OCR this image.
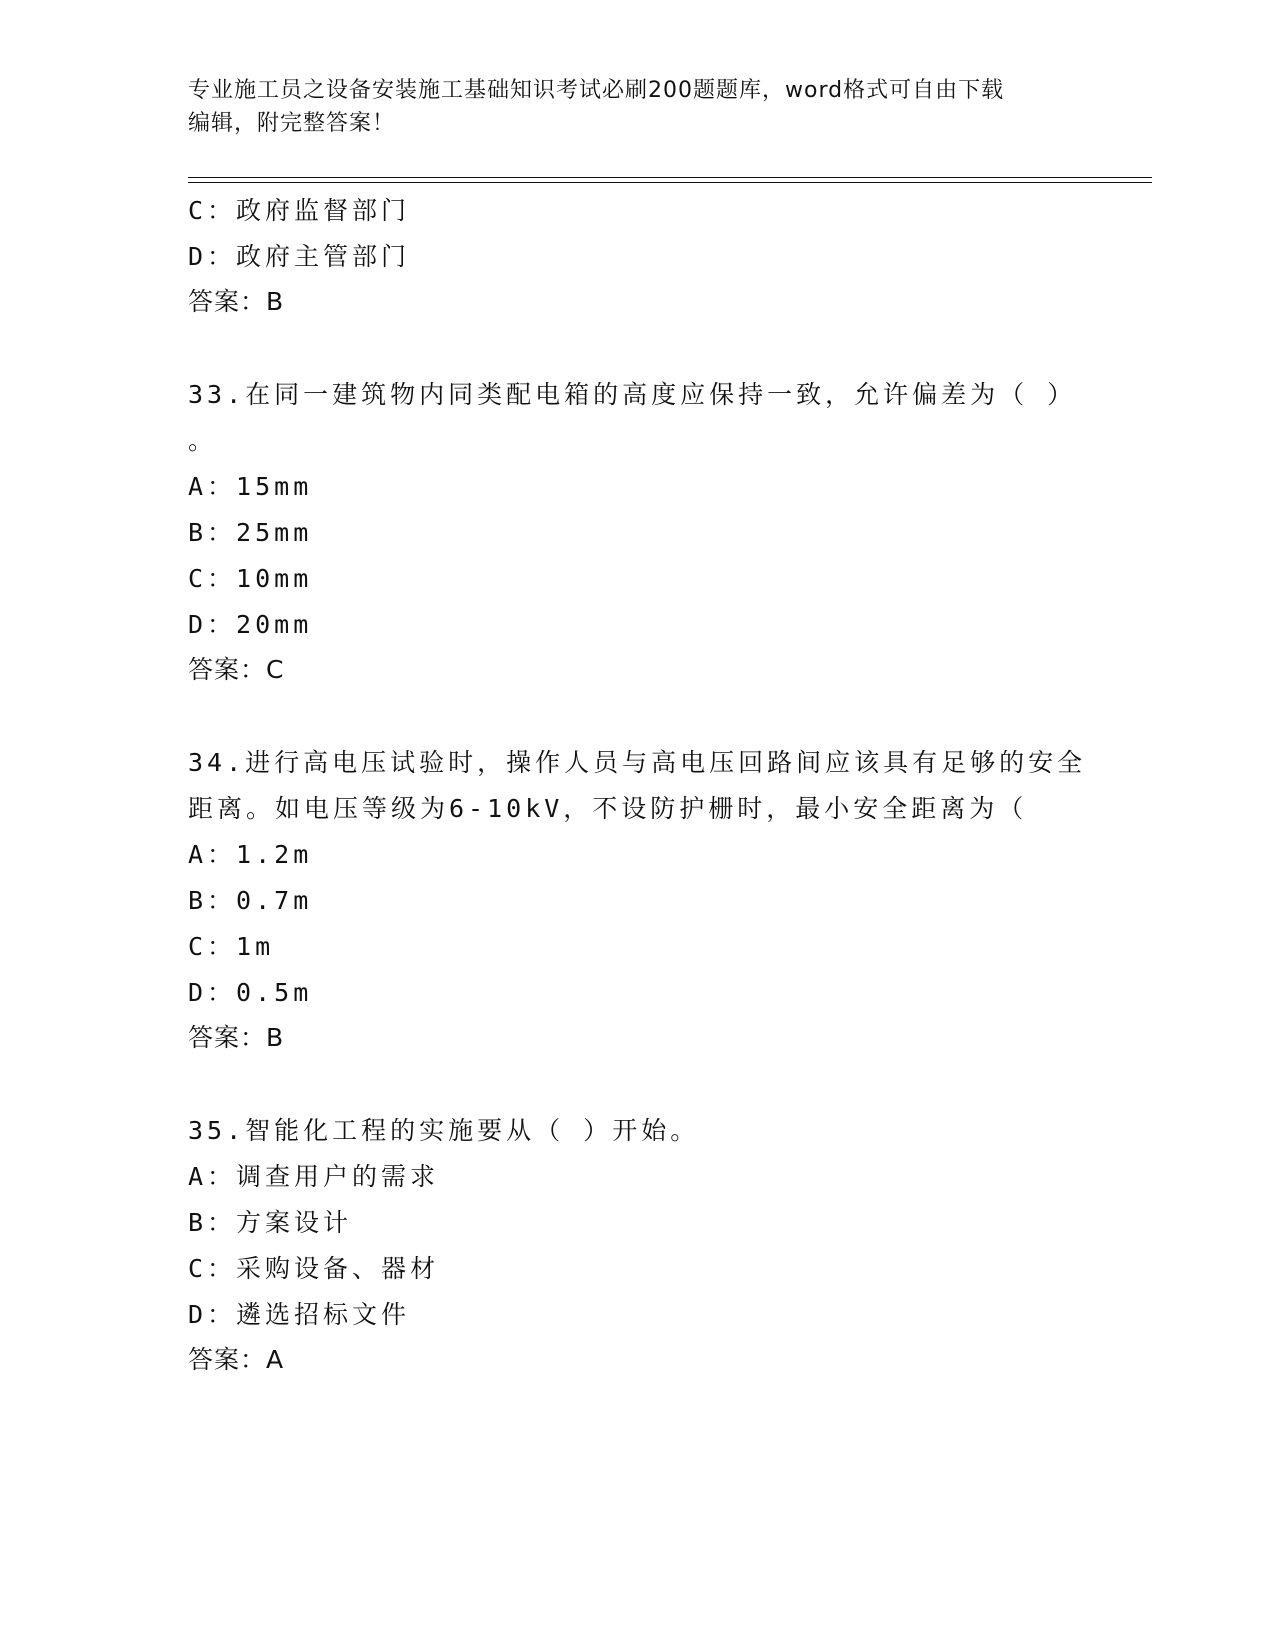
专业施工员之设备安装施工基础知识考试必刷200题题库，word格式可自由下载
编辑，附完整答案！
C：政府监督部门
D：政府主管部门
答案：B
33.在同一建筑物内同类配电箱的高度应保持一致，允许偏差为（ ）
。
A：15mm
B：25mm
C：10mm
D：20mm
答案：C
34.进行高电压试验时，操作人员与高电压回路间应该具有足够的安全
距离。如电压等级为6-10kV，不设防护栅时，最小安全距离为（
A：1.2m
B：0.7m
C：1m
D：0.5m
答案：B
35.智能化工程的实施要从（ ）开始。
A：调查用户的需求
B：方案设计
C：采购设备、器材
D：遴选招标文件
答案：A
